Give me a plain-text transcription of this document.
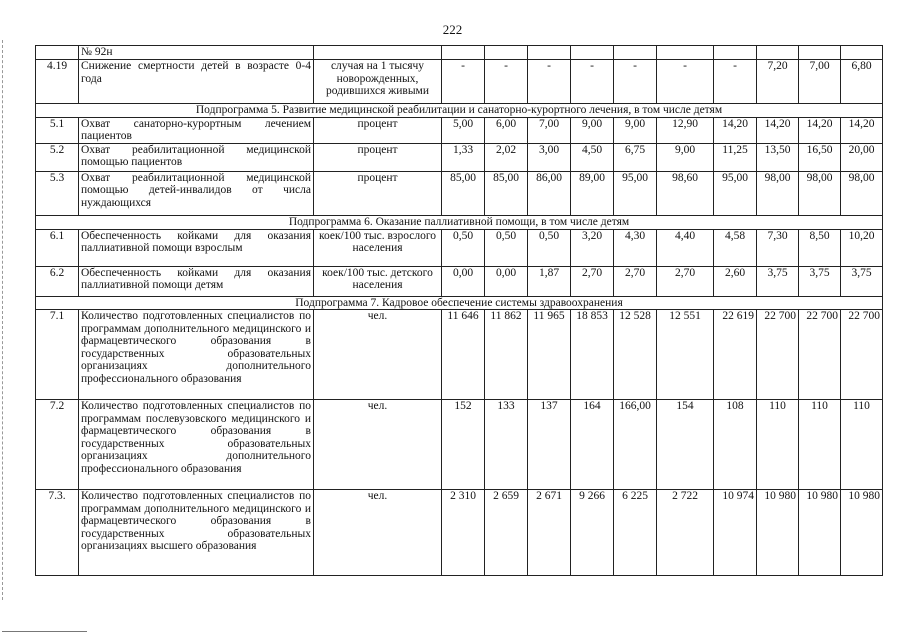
222
	№ 92н											
4.19	Снижение смертности детей в возрасте 0-4 года	случая на 1 тысячу новорожденных, родившихся живыми	-	-	-	-	-	-	-	7,20	7,00	6,80
Подпрограмма 5. Развитие медицинской реабилитации и санаторно-курортного лечения, в том числе детям												
5.1	Охват санаторно-курортным лечением пациентов	процент	5,00	6,00	7,00	9,00	9,00	12,90	14,20	14,20	14,20	14,20
5.2	Охват реабилитационной медицинской помощью пациентов	процент	1,33	2,02	3,00	4,50	6,75	9,00	11,25	13,50	16,50	20,00
5.3	Охват реабилитационной медицинской помощью детей-инвалидов от числа нуждающихся	процент	85,00	85,00	86,00	89,00	95,00	98,60	95,00	98,00	98,00	98,00
Подпрограмма 6. Оказание паллиативной помощи, в том числе детям												
6.1	Обеспеченность койками для оказания паллиативной помощи взрослым	коек/100 тыс. взрослого населения	0,50	0,50	0,50	3,20	4,30	4,40	4,58	7,30	8,50	10,20
6.2	Обеспеченность койками для оказания паллиативной помощи детям	коек/100 тыс. детского населения	0,00	0,00	1,87	2,70	2,70	2,70	2,60	3,75	3,75	3,75
Подпрограмма 7. Кадровое обеспечение системы здравоохранения												
7.1	Количество подготовленных специалистов по программам дополнительного медицинского и фармацевтического образования в государственных образовательных организациях дополнительного профессионального образования	чел.	11 646	11 862	11 965	18 853	12 528	12 551	22 619	22 700	22 700	22 700
7.2	Количество подготовленных специалистов по программам послевузовского медицинского и фармацевтического образования в государственных образовательных организациях дополнительного профессионального образования	чел.	152	133	137	164	166,00	154	108	110	110	110
7.3.	Количество подготовленных специалистов по программам дополнительного медицинского и фармацевтического образования в государственных образовательных организациях высшего образования	чел.	2 310	2 659	2 671	9 266	6 225	2 722	10 974	10 980	10 980	10 980
